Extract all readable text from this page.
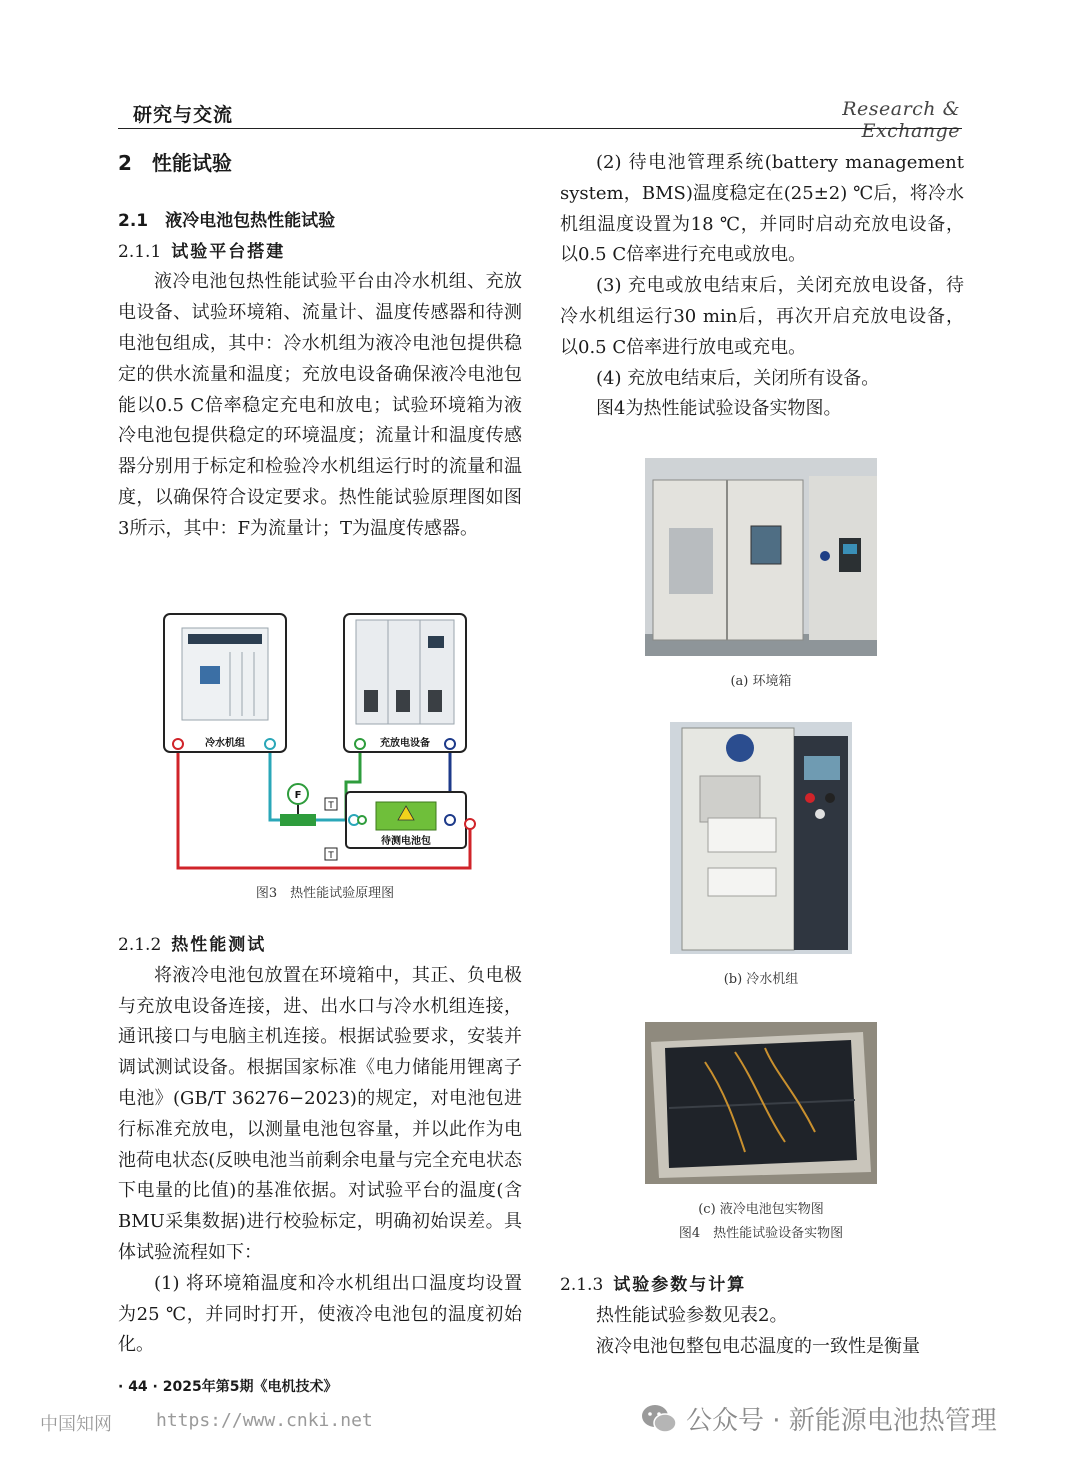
研究与交流	Research & Exchange

2　性能试验

2.1　液冷电池包热性能试验

2.1.1 试验平台搭建

液冷电池包热性能试验平台由冷水机组、充放电设备、试验环境箱、流量计、温度传感器和待测电池包组成，其中：冷水机组为液冷电池包提供稳定的供水流量和温度；充放电设备确保液冷电池包能以0.5 C倍率稳定充电和放电；试验环境箱为液冷电池包提供稳定的环境温度；流量计和温度传感器分别用于标定和检验冷水机组运行时的流量和温度，以确保符合设定要求。热性能试验原理图如图3所示，其中：F为流量计；T为温度传感器。

冷水机组	充放电设备
待测电池包
F
T
T
图3　热性能试验原理图

2.1.2 热性能测试

将液冷电池包放置在环境箱中，其正、负电极与充放电设备连接，进、出水口与冷水机组连接，通讯接口与电脑主机连接。根据试验要求，安装并调试测试设备。根据国家标准《电力储能用锂离子电池》(GB/T 36276−2023)的规定，对电池包进行标准充放电，以测量电池包容量，并以此作为电池荷电状态(反映电池当前剩余电量与完全充电状态下电量的比值)的基准依据。对试验平台的温度(含BMU采集数据)进行校验标定，明确初始误差。具体试验流程如下：

(1) 将环境箱温度和冷水机组出口温度均设置为25 ℃，并同时打开，使液冷电池包的温度初始化。

(2) 待电池管理系统(battery management system，BMS)温度稳定在(25±2) ℃后，将冷水机组温度设置为18 ℃，并同时启动充放电设备，以0.5 C倍率进行充电或放电。

(3) 充电或放电结束后，关闭充放电设备，待冷水机组运行30 min后，再次开启充放电设备，以0.5 C倍率进行放电或充电。

(4) 充放电结束后，关闭所有设备。

图4为热性能试验设备实物图。

(a) 环境箱
(b) 冷水机组
(c) 液冷电池包实物图
图4　热性能试验设备实物图

2.1.3 试验参数与计算

热性能试验参数见表2。

液冷电池包整包电芯温度的一致性是衡量

· 44 · 2025年第5期《电机技术》
中国知网 https://www.cnki.net	公众号 · 新能源电池热管理
